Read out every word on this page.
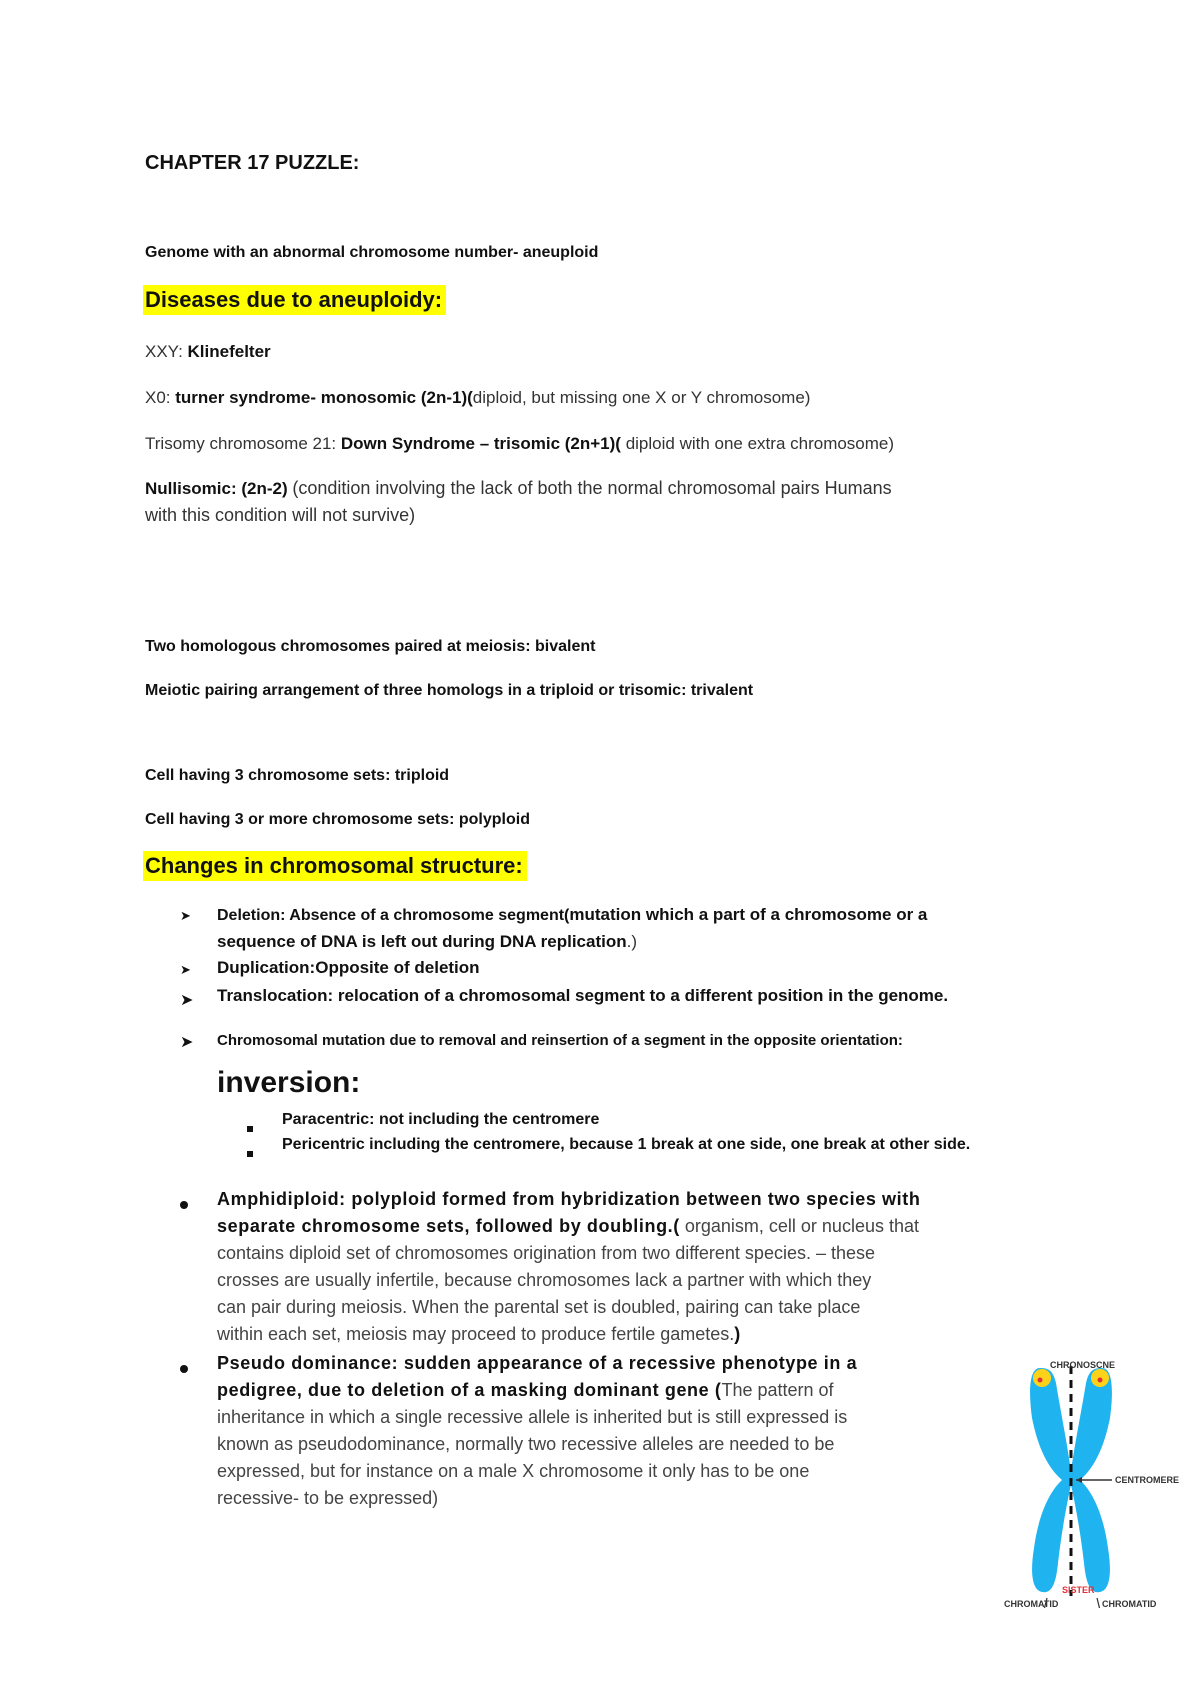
CHAPTER 17 PUZZLE:
Genome with an abnormal chromosome number- aneuploid
Diseases due to aneuploidy:
XXY: Klinefelter
X0: turner syndrome- monosomic (2n-1)(diploid, but missing one X or Y chromosome)
Trisomy chromosome 21: Down Syndrome – trisomic (2n+1)( diploid with one extra chromosome)
Nullisomic: (2n-2) (condition involving the lack of both the normal chromosomal pairs Humans
with this condition will not survive)
Two homologous chromosomes paired at meiosis: bivalent
Meiotic pairing arrangement of three homologs in a triploid or trisomic: trivalent
Cell having 3 chromosome sets: triploid
Cell having 3 or more chromosome sets: polyploid
Changes in chromosomal structure:
➤ Deletion: Absence of a chromosome segment(mutation which a part of a chromosome or a
sequence of DNA is left out during DNA replication.)
➤ Duplication:Opposite of deletion
➤ Translocation: relocation of a chromosomal segment to a different position in the genome.
➤ Chromosomal mutation due to removal and reinsertion of a segment in the opposite orientation:
inversion:
Paracentric: not including the centromere
Pericentric including the centromere, because 1 break at one side, one break at other side.
Amphidiploid: polyploid formed from hybridization between two species with
separate chromosome sets, followed by doubling.( organism, cell or nucleus that
contains diploid set of chromosomes origination from two different species. – these
crosses are usually infertile, because chromosomes lack a partner with which they
can pair during meiosis. When the parental set is doubled, pairing can take place
within each set, meiosis may proceed to produce fertile gametes.)
Pseudo dominance: sudden appearance of a recessive phenotype in a
pedigree, due to deletion of a masking dominant gene (The pattern of
inheritance in which a single recessive allele is inherited but is still expressed is
known as pseudodominance, normally two recessive alleles are needed to be
expressed, but for instance on a male X chromosome it only has to be one
recessive- to be expressed)
CHRONOSCNE
CENTROMERE
SISTER
CHROMATID	CHROMATID
